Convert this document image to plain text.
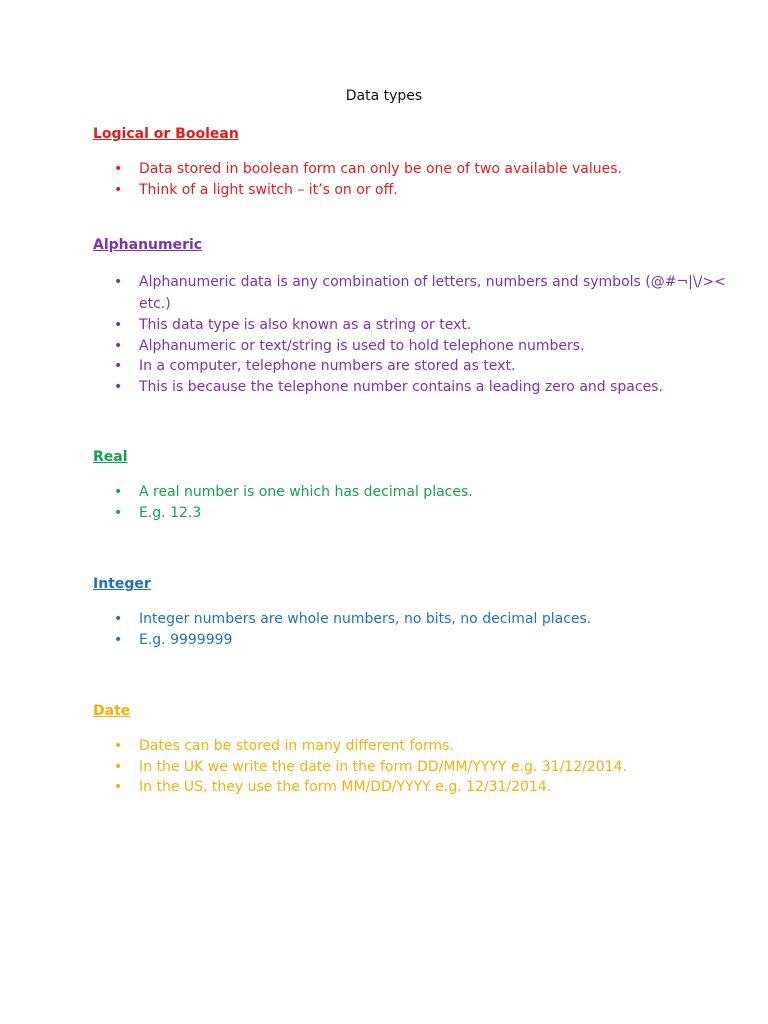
Data types
Logical or Boolean
• Data stored in boolean form can only be one of two available values.
• Think of a light switch – it’s on or off.
Alphanumeric
• Alphanumeric data is any combination of letters, numbers and symbols (@#¬|\/>< etc.)
• This data type is also known as a string or text.
• Alphanumeric or text/string is used to hold telephone numbers.
• In a computer, telephone numbers are stored as text.
• This is because the telephone number contains a leading zero and spaces.
Real
• A real number is one which has decimal places.
• E.g. 12.3
Integer
• Integer numbers are whole numbers, no bits, no decimal places.
• E.g. 9999999
Date
• Dates can be stored in many different forms.
• In the UK we write the date in the form DD/MM/YYYY e.g. 31/12/2014.
• In the US, they use the form MM/DD/YYYY e.g. 12/31/2014.
